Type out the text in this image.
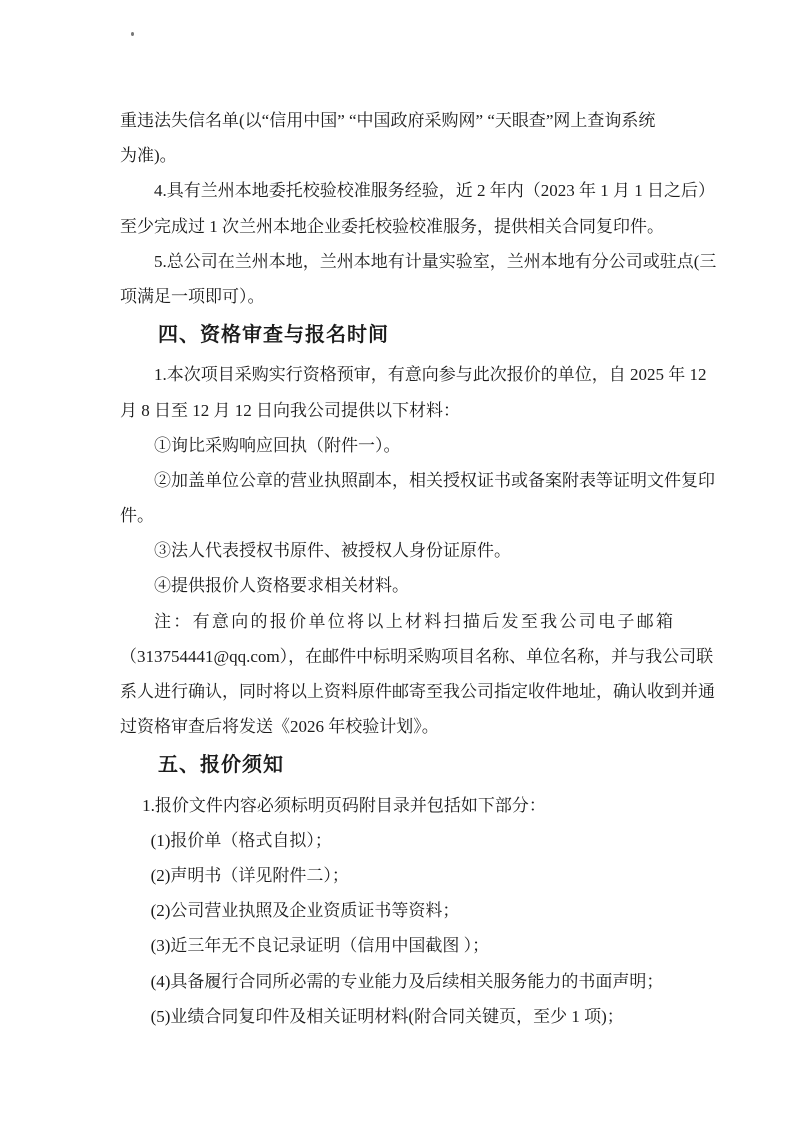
重违法失信名单(以“信用中国” “中国政府采购网” “天眼查”网上查询系统
为准)。
4.具有兰州本地委托校验校准服务经验，近 2 年内（2023 年 1 月 1 日之后）
至少完成过 1 次兰州本地企业委托校验校准服务，提供相关合同复印件。
5.总公司在兰州本地，兰州本地有计量实验室，兰州本地有分公司或驻点(三
项满足一项即可）。
四、资格审查与报名时间
1.本次项目采购实行资格预审，有意向参与此次报价的单位，自 2025 年 12
月 8 日至 12 月 12 日向我公司提供以下材料：
①询比采购响应回执（附件一）。
②加盖单位公章的营业执照副本，相关授权证书或备案附表等证明文件复印
件。
③法人代表授权书原件、被授权人身份证原件。
④提供报价人资格要求相关材料。
注：有意向的报价单位将以上材料扫描后发至我公司电子邮箱
（313754441@qq.com），在邮件中标明采购项目名称、单位名称，并与我公司联
系人进行确认，同时将以上资料原件邮寄至我公司指定收件地址，确认收到并通
过资格审查后将发送《2026 年校验计划》。
五、报价须知
1.报价文件内容必须标明页码附目录并包括如下部分：
(1)报价单（格式自拟）；
(2)声明书（详见附件二）；
(2)公司营业执照及企业资质证书等资料；
(3)近三年无不良记录证明（信用中国截图 ）；
(4)具备履行合同所必需的专业能力及后续相关服务能力的书面声明；
(5)业绩合同复印件及相关证明材料(附合同关键页，至少 1 项)；
